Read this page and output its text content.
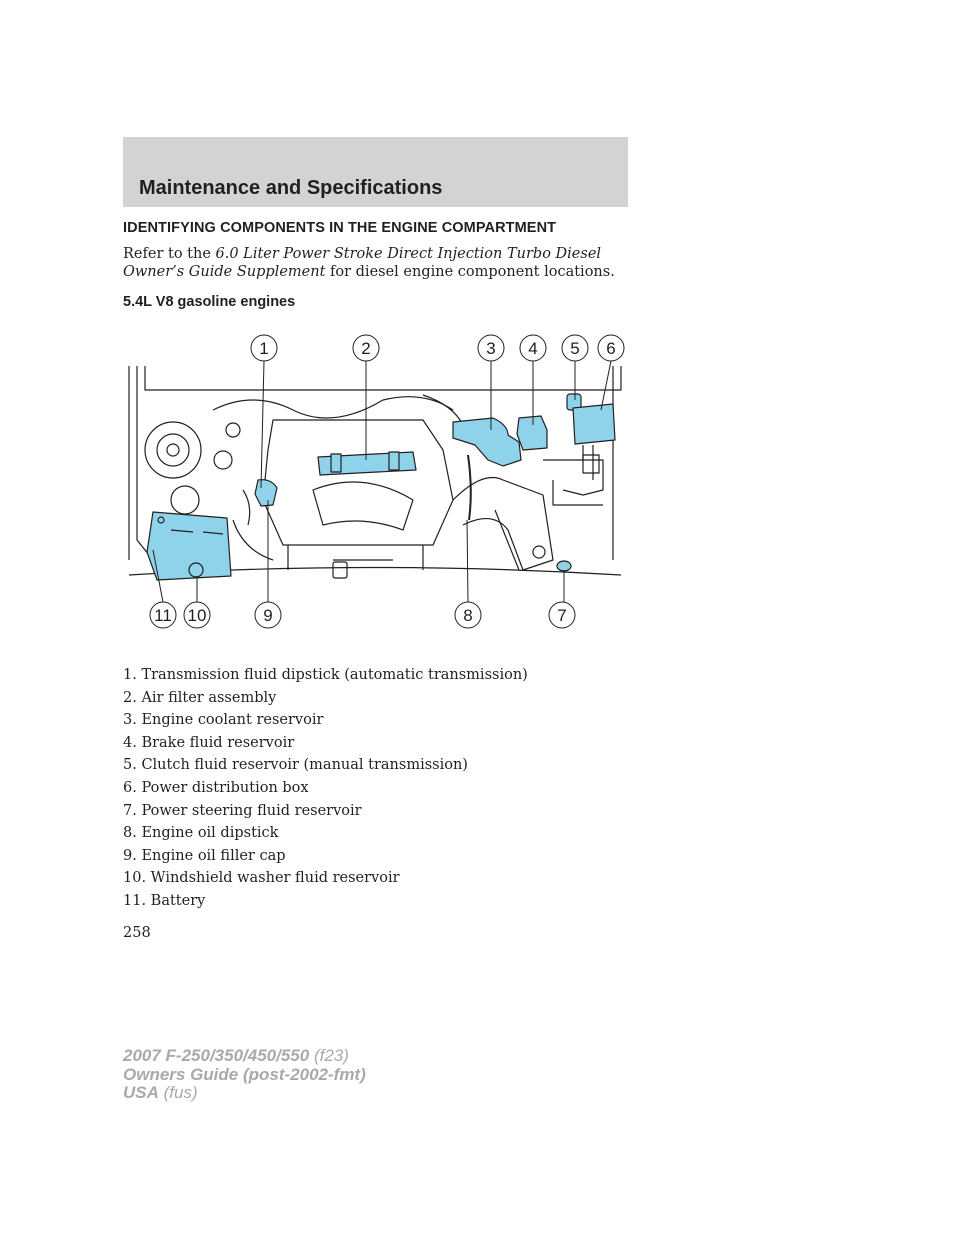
Maintenance and Specifications
IDENTIFYING COMPONENTS IN THE ENGINE COMPARTMENT
Refer to the 6.0 Liter Power Stroke Direct Injection Turbo Diesel Owner’s Guide Supplement for diesel engine component locations.
5.4L V8 gasoline engines
1	2	3 4 5 6
7
8
9
10
11
1. Transmission fluid dipstick (automatic transmission)
2. Air filter assembly
3. Engine coolant reservoir
4. Brake fluid reservoir
5. Clutch fluid reservoir (manual transmission)
6. Power distribution box
7. Power steering fluid reservoir
8. Engine oil dipstick
9. Engine oil filler cap
10. Windshield washer fluid reservoir
11. Battery
258
2007 F-250/350/450/550 (f23)
Owners Guide (post-2002-fmt)
USA (fus)
